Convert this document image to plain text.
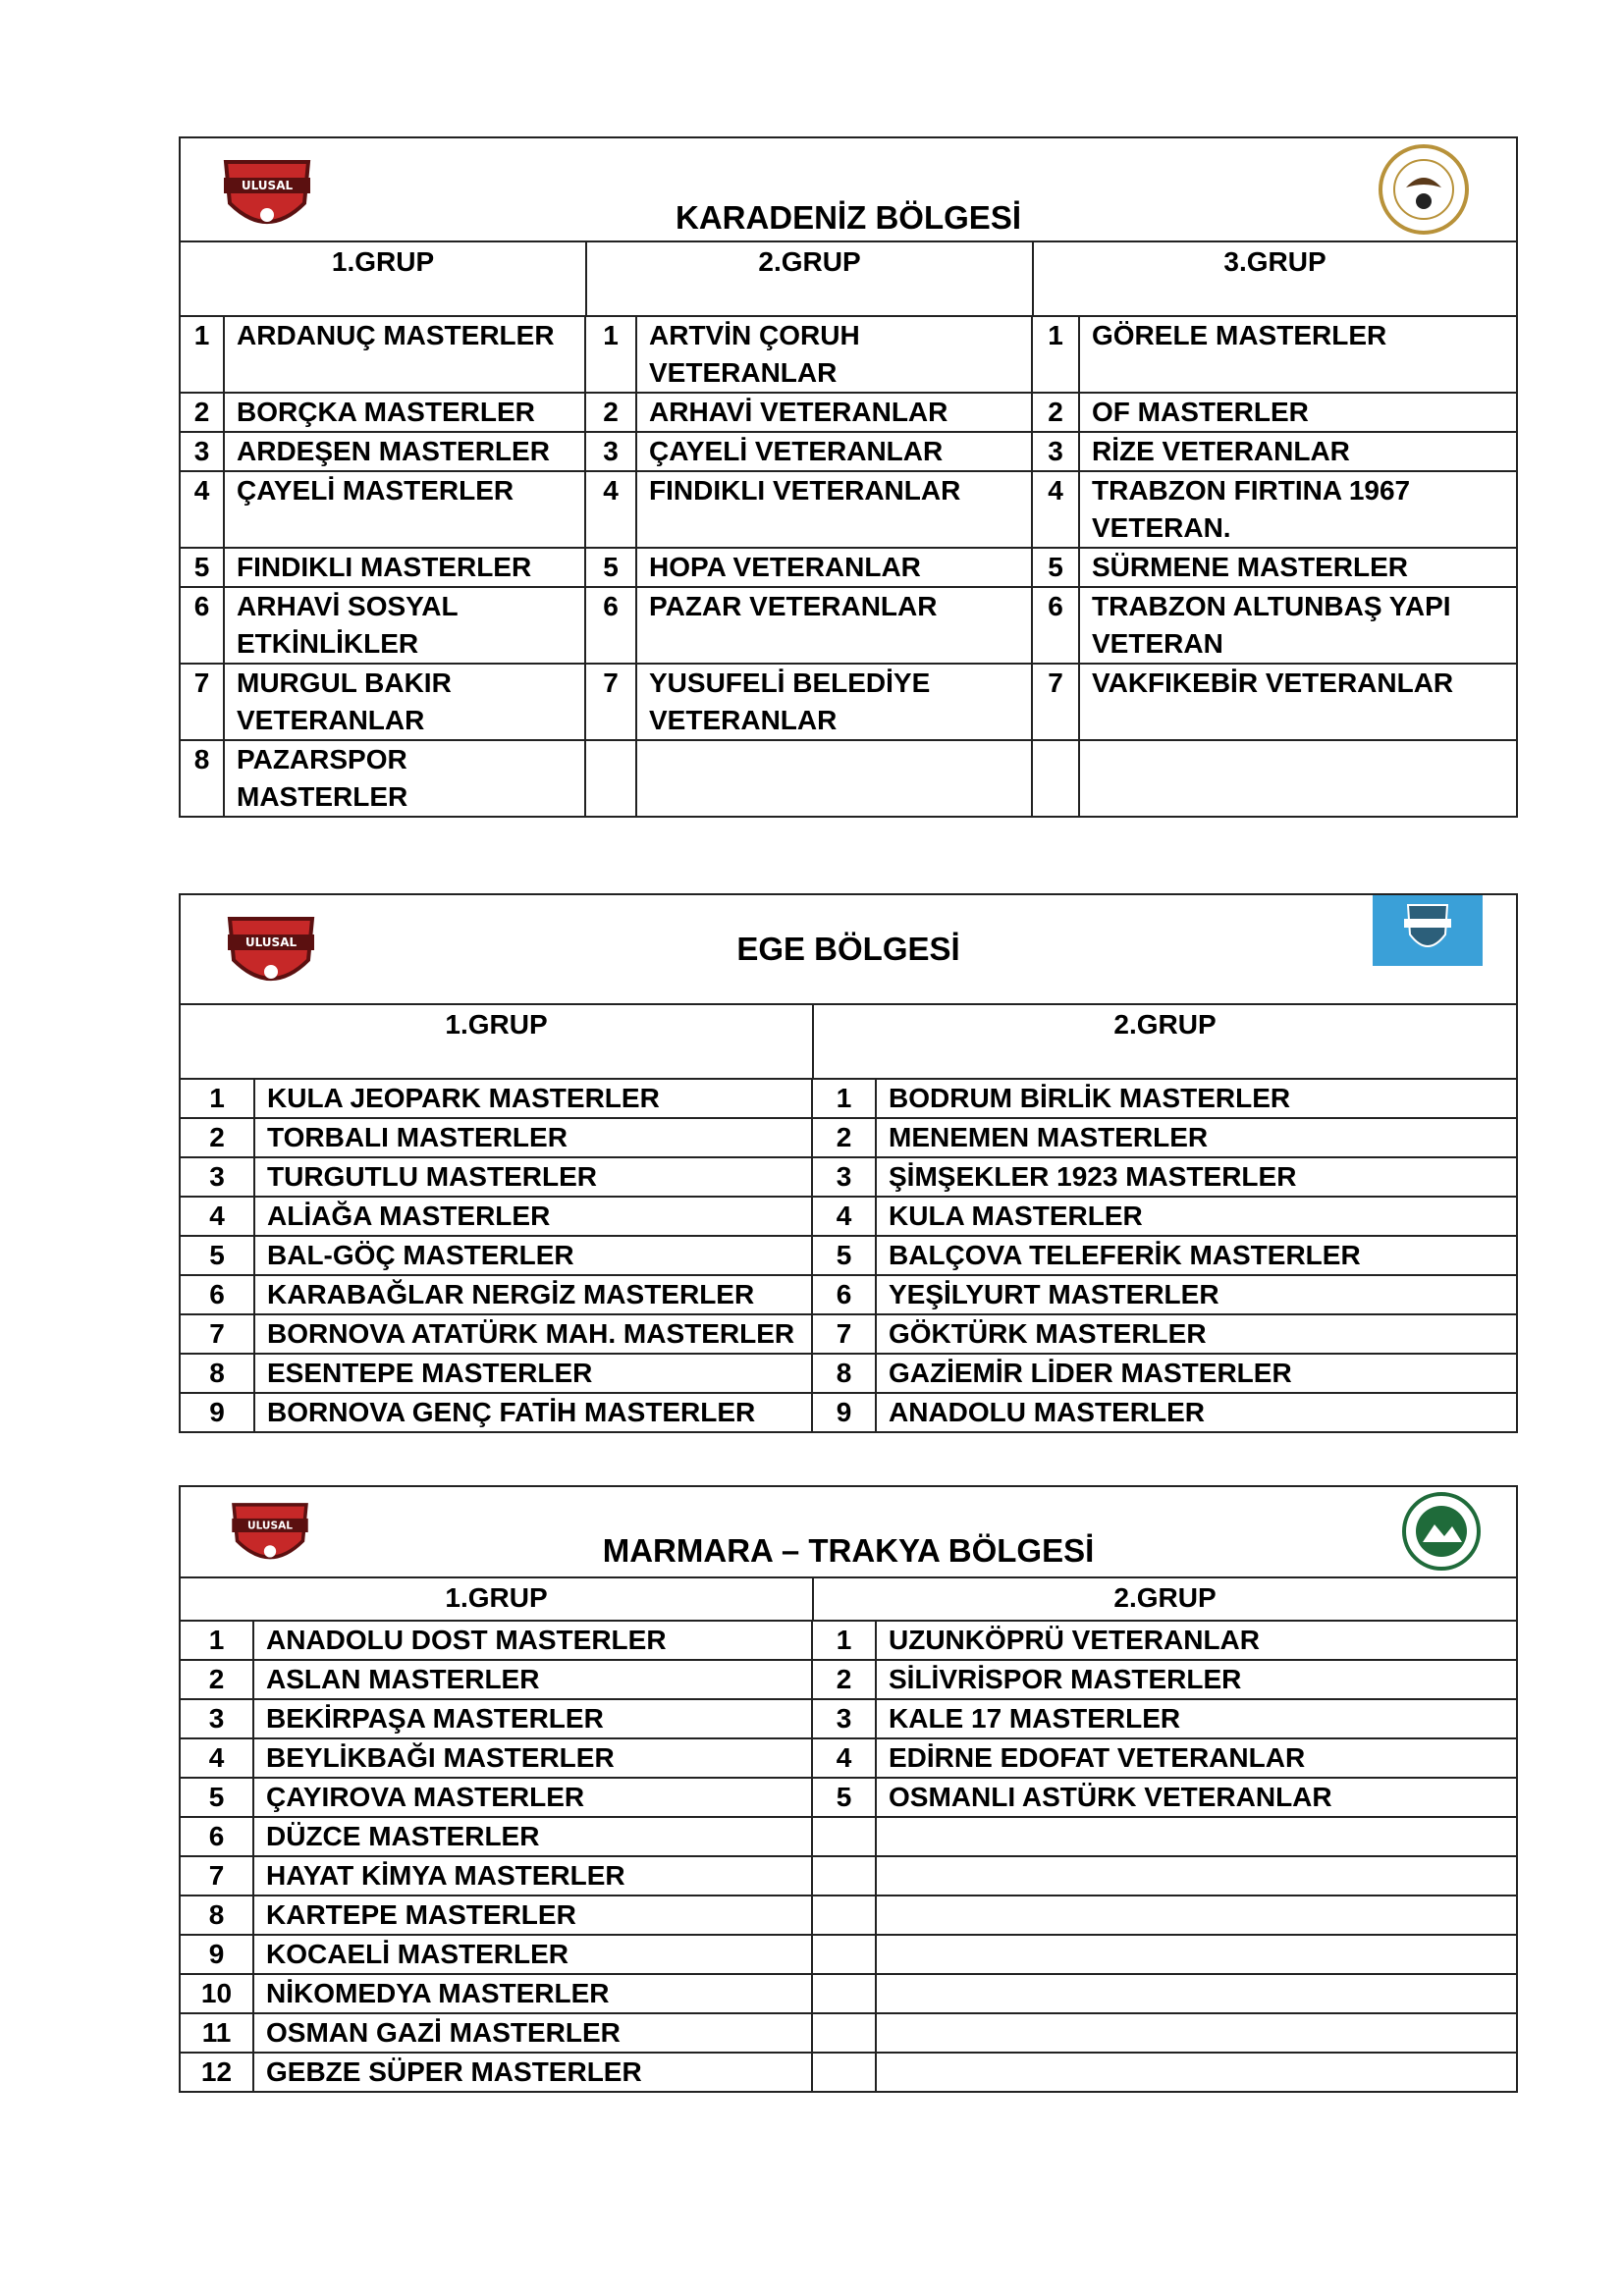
ULUSAL
KARADENİZ BÖLGESİ
1.GRUP	2.GRUP	3.GRUP
1	ARDANUÇ MASTERLER	1	ARTVİN ÇORUH VETERANLAR	1	GÖRELE MASTERLER
2	BORÇKA MASTERLER	2	ARHAVİ VETERANLAR	2	OF MASTERLER
3	ARDEŞEN MASTERLER	3	ÇAYELİ VETERANLAR	3	RİZE VETERANLAR
4	ÇAYELİ MASTERLER	4	FINDIKLI VETERANLAR	4	TRABZON FIRTINA 1967 VETERAN.
5	FINDIKLI MASTERLER	5	HOPA VETERANLAR	5	SÜRMENE MASTERLER
6	ARHAVİ SOSYAL ETKİNLİKLER	6	PAZAR VETERANLAR	6	TRABZON ALTUNBAŞ YAPI VETERAN
7	MURGUL BAKIR VETERANLAR	7	YUSUFELİ BELEDİYE VETERANLAR	7	VAKFIKEBİR VETERANLAR
8	PAZARSPOR MASTERLER				
ULUSAL	EGE BÖLGESİ
1.GRUP	2.GRUP
1	KULA JEOPARK MASTERLER	1	BODRUM BİRLİK MASTERLER
2	TORBALI MASTERLER	2	MENEMEN MASTERLER
3	TURGUTLU MASTERLER	3	ŞİMŞEKLER 1923 MASTERLER
4	ALİAĞA MASTERLER	4	KULA MASTERLER
5	BAL-GÖÇ MASTERLER	5	BALÇOVA TELEFERİK MASTERLER
6	KARABAĞLAR NERGİZ MASTERLER	6	YEŞİLYURT MASTERLER
7	BORNOVA ATATÜRK MAH. MASTERLER	7	GÖKTÜRK MASTERLER
8	ESENTEPE MASTERLER	8	GAZİEMİR LİDER MASTERLER
9	BORNOVA GENÇ FATİH MASTERLER	9	ANADOLU MASTERLER
ULUSAL
MARMARA – TRAKYA BÖLGESİ
1.GRUP	2.GRUP
1	ANADOLU DOST MASTERLER	1	UZUNKÖPRÜ VETERANLAR
2	ASLAN MASTERLER	2	SİLİVRİSPOR MASTERLER
3	BEKİRPAŞA MASTERLER	3	KALE 17 MASTERLER
4	BEYLİKBAĞI MASTERLER	4	EDİRNE EDOFAT VETERANLAR
5	ÇAYIROVA MASTERLER	5	OSMANLI ASTÜRK VETERANLAR
6	DÜZCE MASTERLER		
7	HAYAT KİMYA MASTERLER		
8	KARTEPE MASTERLER		
9	KOCAELİ MASTERLER		
10	NİKOMEDYA MASTERLER		
11	OSMAN GAZİ MASTERLER		
12	GEBZE SÜPER MASTERLER		
